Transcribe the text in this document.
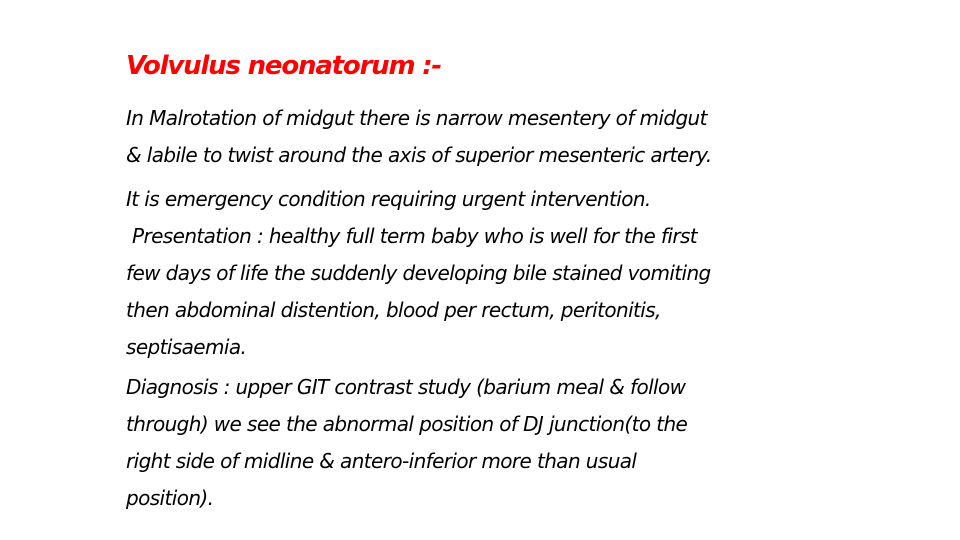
Volvulus neonatorum :-

In Malrotation of midgut there is narrow mesentery of midgut
& labile to twist around the axis of superior mesenteric artery.

It is emergency condition requiring urgent intervention.

Presentation : healthy full term baby who is well for the first
few days of life the suddenly developing bile stained vomiting
then abdominal distention, blood per rectum, peritonitis,
septisaemia.

Diagnosis : upper GIT contrast study (barium meal & follow
through) we see the abnormal position of DJ junction(to the
right side of midline & antero-inferior more than usual
position).
